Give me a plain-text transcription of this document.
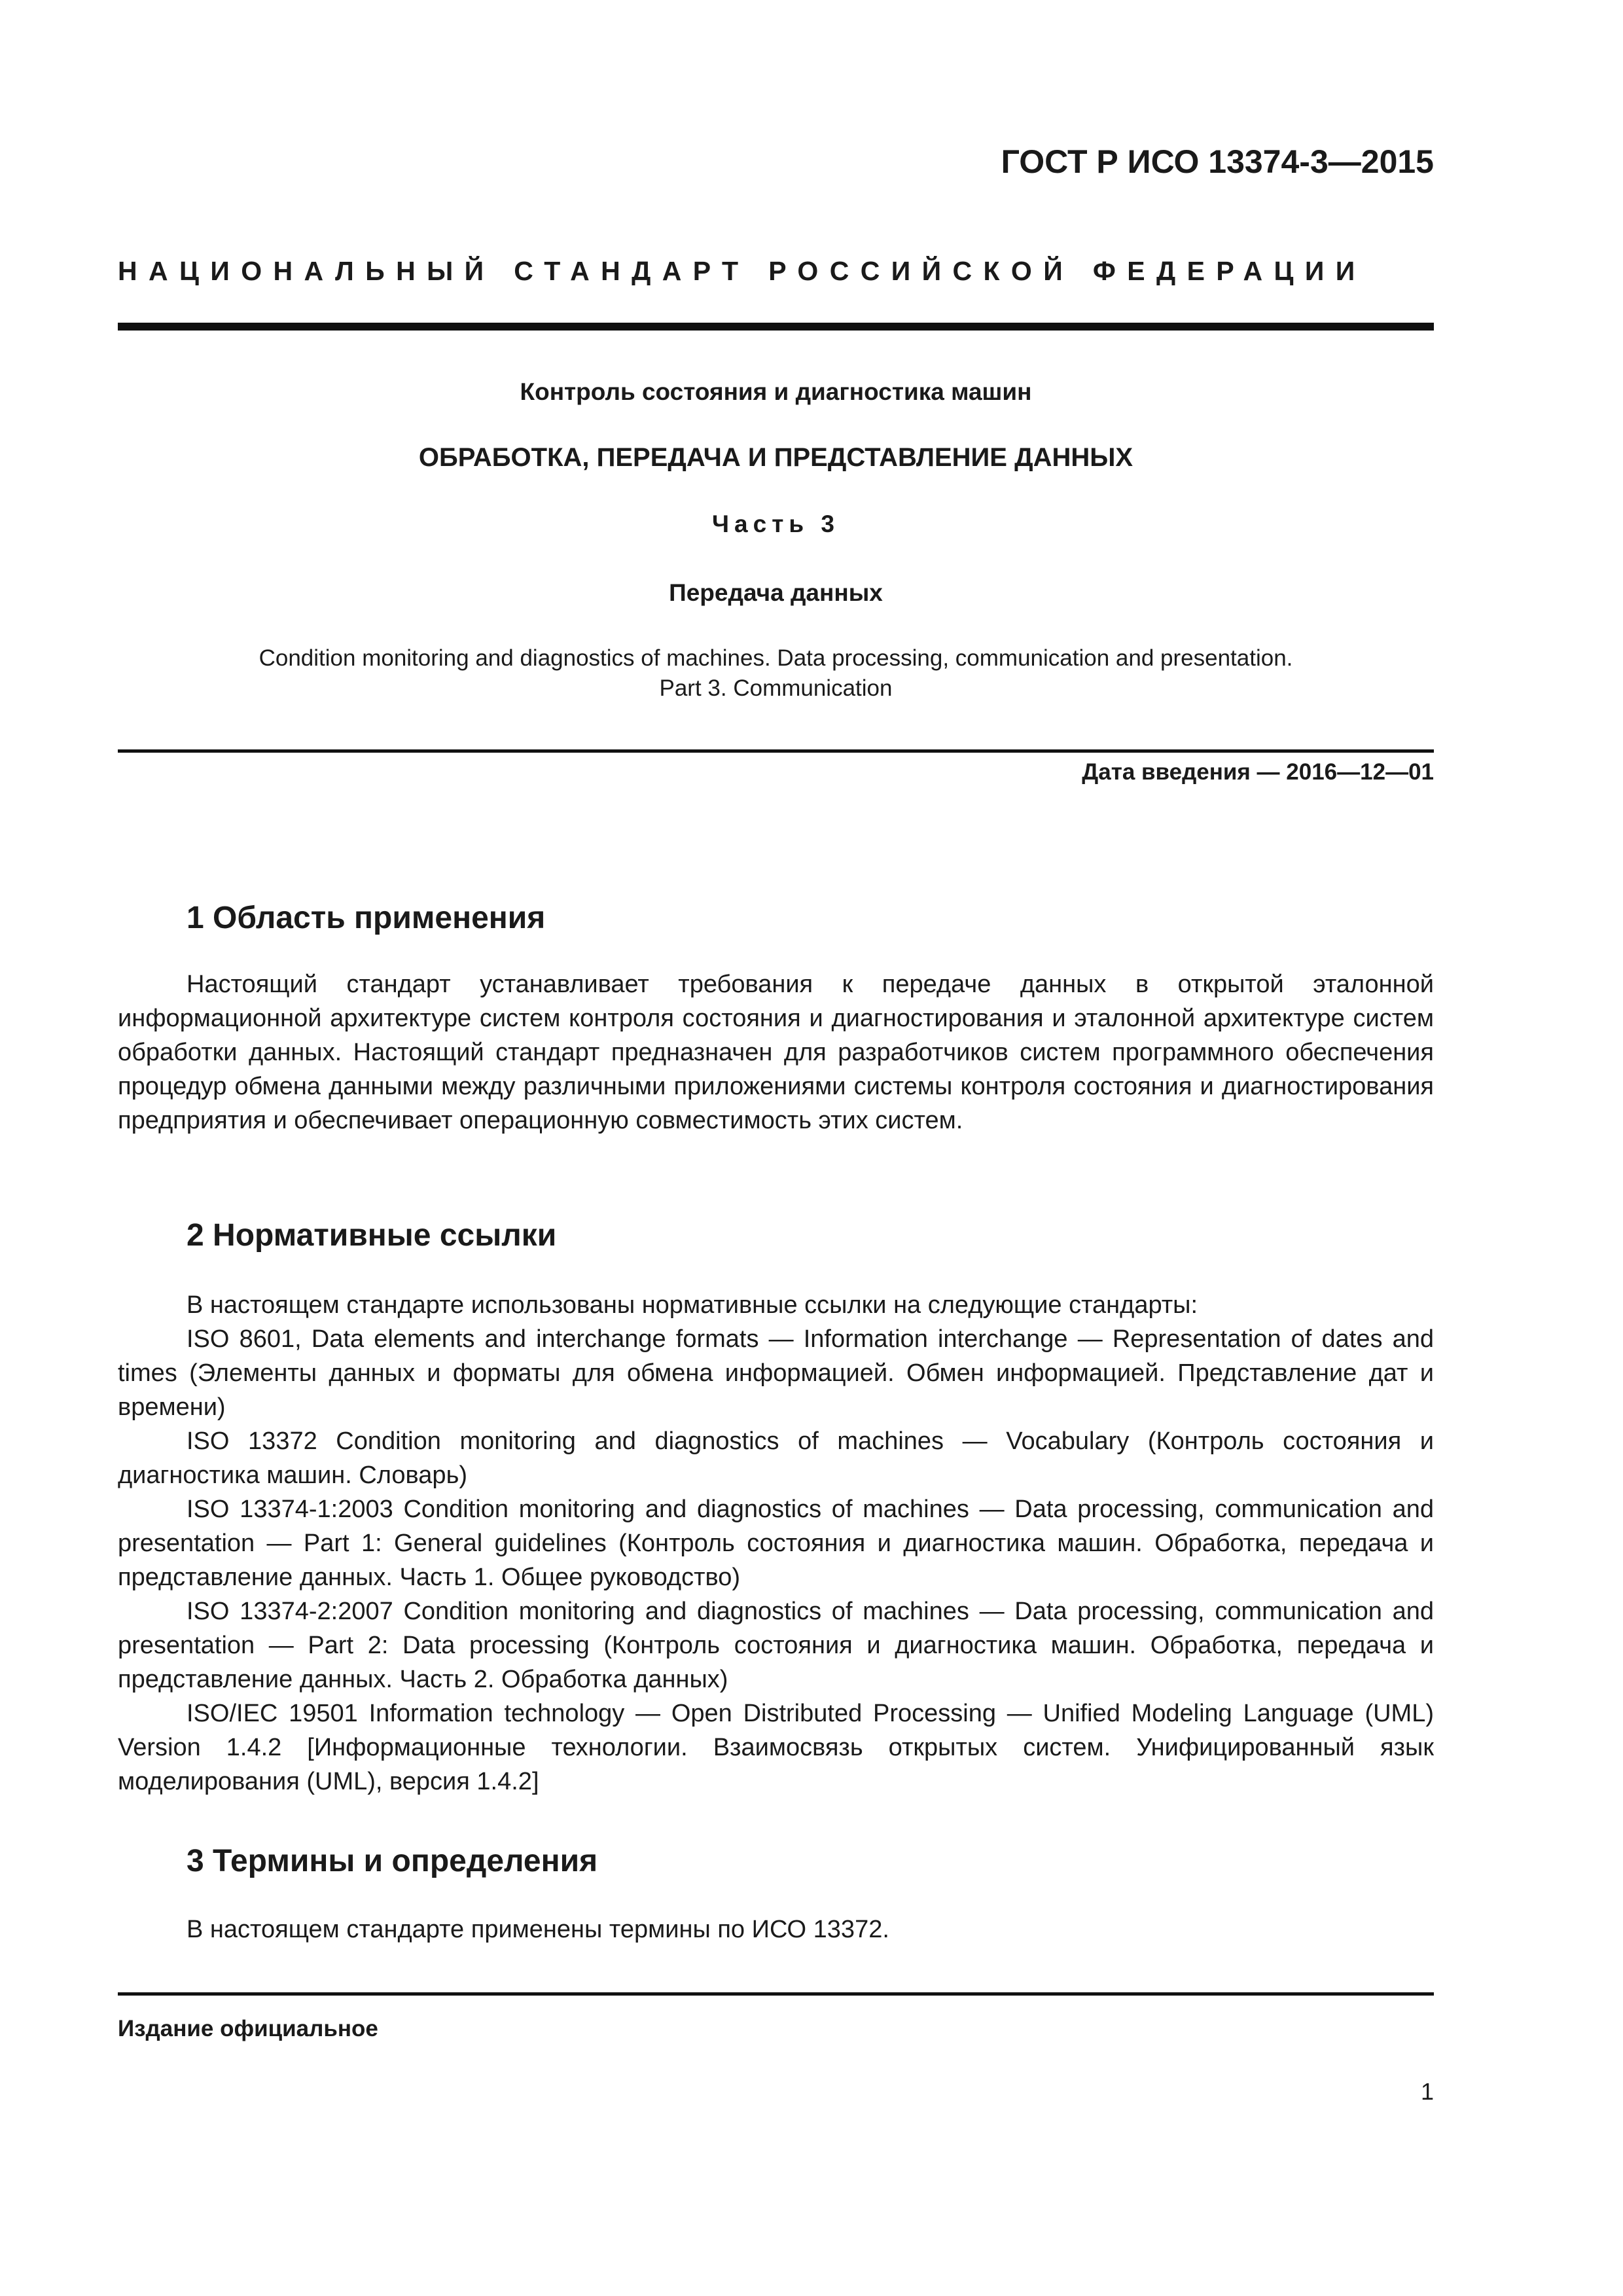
ГОСТ Р ИСО 13374-3—2015
НАЦИОНАЛЬНЫЙ СТАНДАРТ РОССИЙСКОЙ ФЕДЕРАЦИИ
Контроль состояния и диагностика машин
ОБРАБОТКА, ПЕРЕДАЧА И ПРЕДСТАВЛЕНИЕ ДАННЫХ
Часть 3
Передача данных
Condition monitoring and diagnostics of machines. Data processing, communication and presentation.
Part 3. Communication
Дата введения — 2016—12—01
1 Область применения

Настоящий стандарт устанавливает требования к передаче данных в открытой эталонной информационной архитектуре систем контроля состояния и диагностирования и эталонной архитектуре систем обработки данных. Настоящий стандарт предназначен для разработчиков систем программного обеспечения процедур обмена данными между различными приложениями системы контроля состояния и диагностирования предприятия и обеспечивает операционную совместимость этих систем.

2 Нормативные ссылки

В настоящем стандарте использованы нормативные ссылки на следующие стандарты:

ISO 8601, Data elements and interchange formats — Information interchange — Representation of dates and times (Элементы данных и форматы для обмена информацией. Обмен информацией. Представление дат и времени)

ISO 13372 Condition monitoring and diagnostics of machines — Vocabulary (Контроль состояния и диагностика машин. Словарь)

ISO 13374-1:2003 Condition monitoring and diagnostics of machines — Data processing, communication and presentation — Part 1: General guidelines (Контроль состояния и диагностика машин. Обработка, передача и представление данных. Часть 1. Общее руководство)

ISO 13374-2:2007 Condition monitoring and diagnostics of machines — Data processing, communication and presentation — Part 2: Data processing (Контроль состояния и диагностика машин. Обработка, передача и представление данных. Часть 2. Обработка данных)

ISO/IEC 19501 Information technology — Open Distributed Processing — Unified Modeling Language (UML) Version 1.4.2 [Информационные технологии. Взаимосвязь открытых систем. Унифицированный язык моделирования (UML), версия 1.4.2]

3 Термины и определения

В настоящем стандарте применены термины по ИСО 13372.

Издание официальное
1
